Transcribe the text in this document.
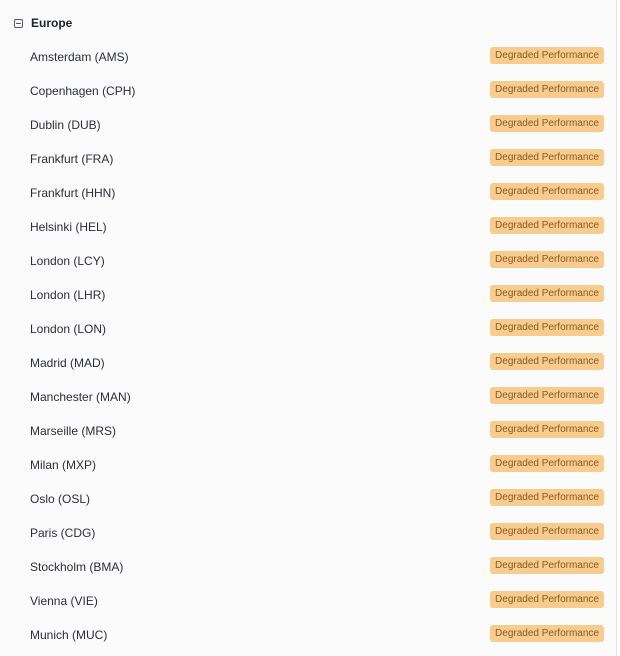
Europe
Amsterdam (AMS)	Degraded Performance
Copenhagen (CPH)	Degraded Performance
Dublin (DUB)	Degraded Performance
Frankfurt (FRA)	Degraded Performance
Frankfurt (HHN)	Degraded Performance
Helsinki (HEL)	Degraded Performance
London (LCY)	Degraded Performance
London (LHR)	Degraded Performance
London (LON)	Degraded Performance
Madrid (MAD)	Degraded Performance
Manchester (MAN)	Degraded Performance
Marseille (MRS)	Degraded Performance
Milan (MXP)	Degraded Performance
Oslo (OSL)	Degraded Performance
Paris (CDG)	Degraded Performance
Stockholm (BMA)	Degraded Performance
Vienna (VIE)	Degraded Performance
Munich (MUC)	Degraded Performance
